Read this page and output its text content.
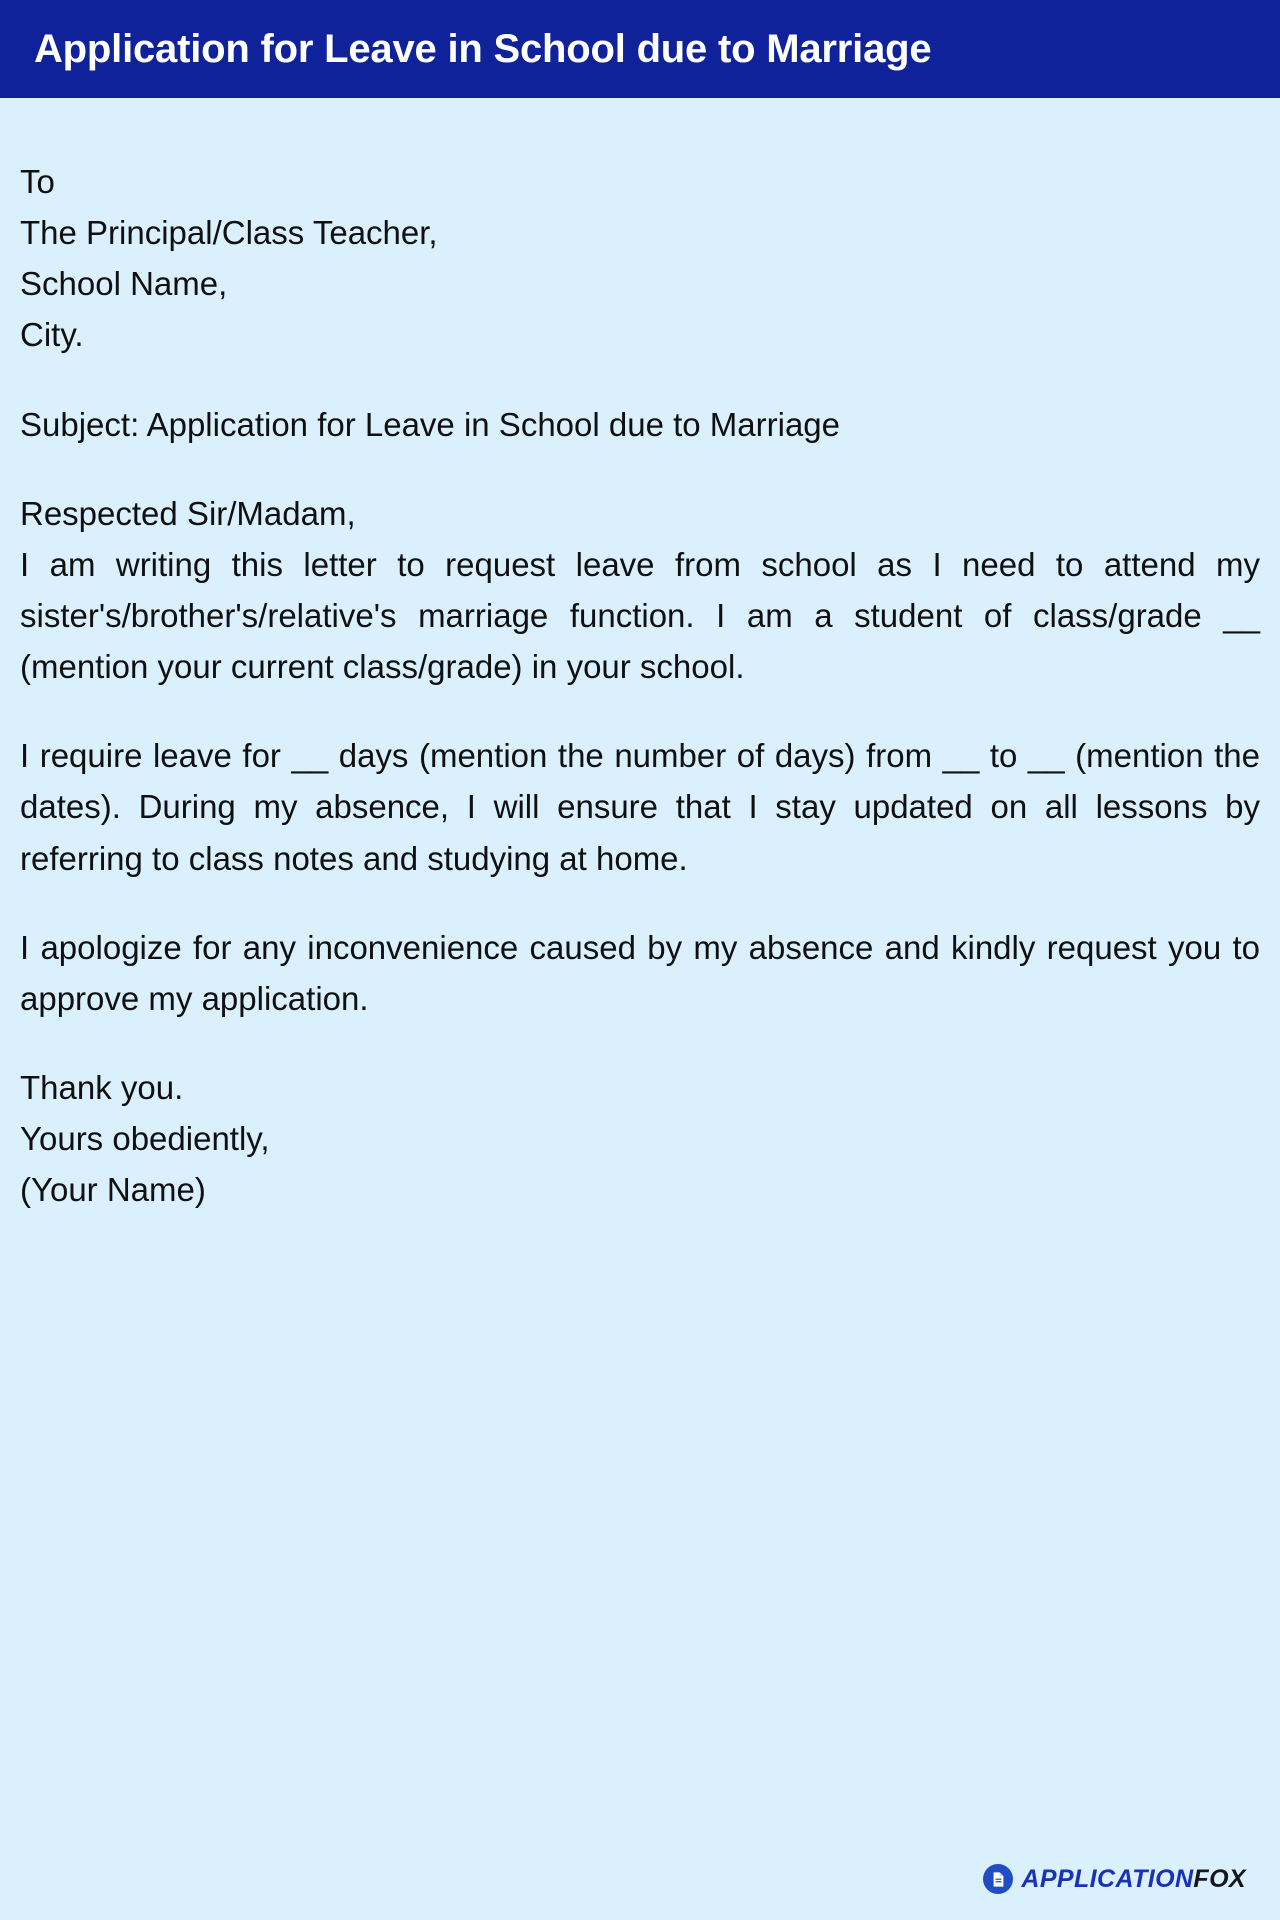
Application for Leave in School due to Marriage
To
The Principal/Class Teacher,
School Name,
City.
Subject: Application for Leave in School due to Marriage
Respected Sir/Madam,

I am writing this letter to request leave from school as I need to attend my sister's/brother's/relative's marriage function. I am a student of class/grade __ (mention your current class/grade) in your school.

I require leave for __ days (mention the number of days) from __ to __ (mention the dates). During my absence, I will ensure that I stay updated on all lessons by referring to class notes and studying at home.

I apologize for any inconvenience caused by my absence and kindly request you to approve my application.

Thank you.
Yours obediently,
(Your Name)
APPLICATIONFOX
